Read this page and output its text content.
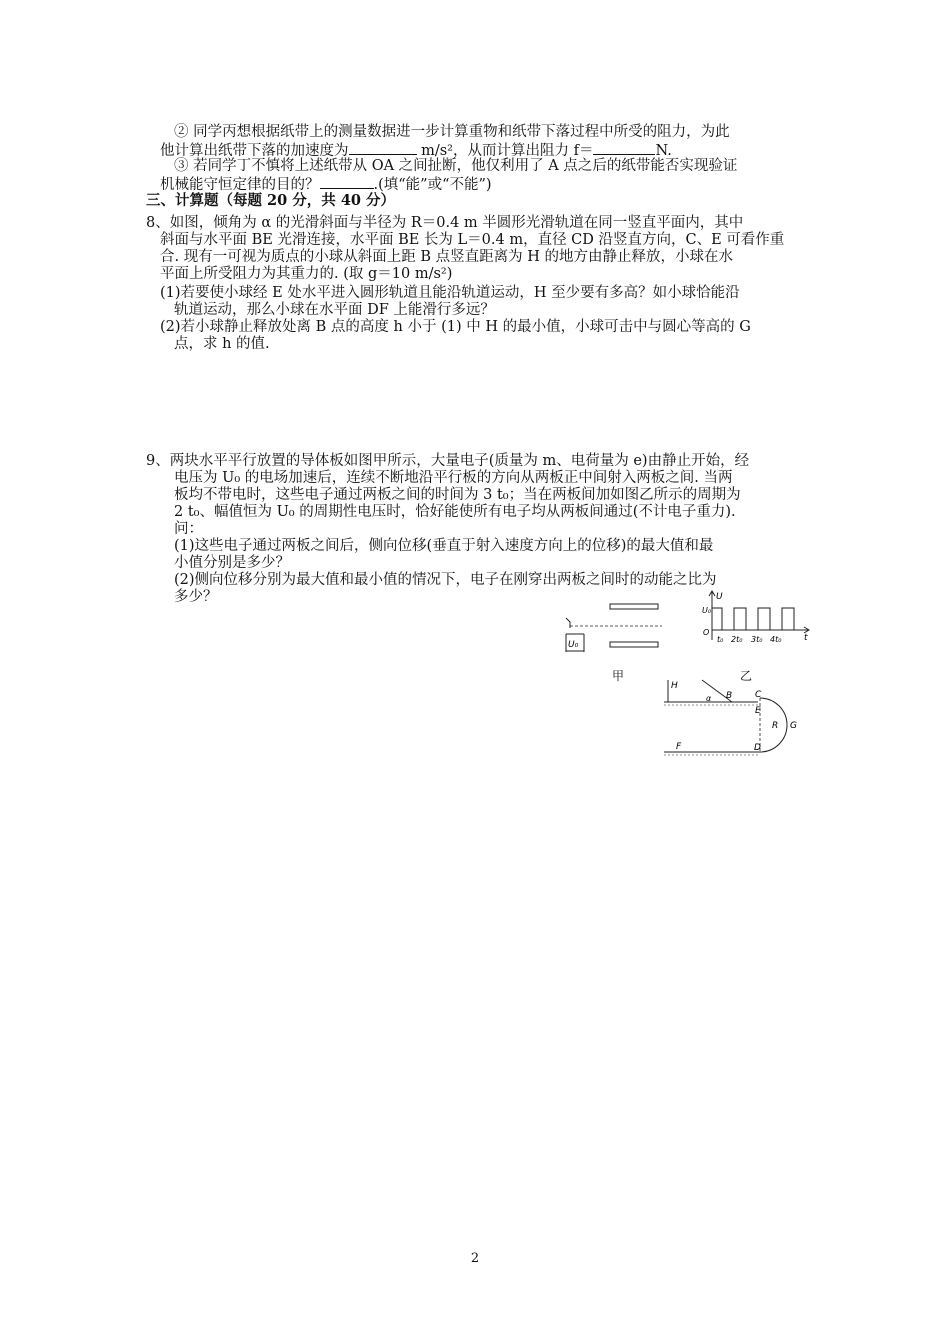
② 同学丙想根据纸带上的测量数据进一步计算重物和纸带下落过程中所受的阻力，为此
他计算出纸带下落的加速度为	m/s²，从而计算出阻力 f＝	N.
③ 若同学丁不慎将上述纸带从 OA 之间扯断，他仅利用了 A 点之后的纸带能否实现验证
机械能守恒定律的目的？	.(填“能”或“不能”)
三、计算题（每题 20 分，共 40 分）
8、如图，倾角为 α 的光滑斜面与半径为 R＝0.4 m 半圆形光滑轨道在同一竖直平面内，其中
斜面与水平面 BE 光滑连接，水平面 BE 长为 L＝0.4 m，直径 CD 沿竖直方向，C、E 可看作重
合. 现有一可视为质点的小球从斜面上距 B 点竖直距离为 H 的地方由静止释放，小球在水
平面上所受阻力为其重力的. (取 g＝10 m/s²)
(1)若要使小球经 E 处水平进入圆形轨道且能沿轨道运动，H 至少要有多高？如小球恰能沿
轨道运动，那么小球在水平面 DF 上能滑行多远？
(2)若小球静止释放处离 B 点的高度 h 小于 (1) 中 H 的最小值，小球可击中与圆心等高的 G
点，求 h 的值.
9、两块水平平行放置的导体板如图甲所示，大量电子(质量为 m、电荷量为 e)由静止开始，经
电压为 U₀ 的电场加速后，连续不断地沿平行板的方向从两板正中间射入两板之间. 当两
板均不带电时，这些电子通过两板之间的时间为 3 t₀；当在两板间加如图乙所示的周期为
2 t₀、幅值恒为 U₀ 的周期性电压时，恰好能使所有电子均从两板间通过(不计电子重力).
问：
(1)这些电子通过两板之间后，侧向位移(垂直于射入速度方向上的位移)的最大值和最
小值分别是多少？
(2)侧向位移分别为最大值和最小值的情况下，电子在刚穿出两板之间时的动能之比为
多少？
U₀
U
U₀
O
t
t₀ 2t₀ 3t₀ 4t₀
甲	乙
H
α B	C
E
R G
F	D
2
